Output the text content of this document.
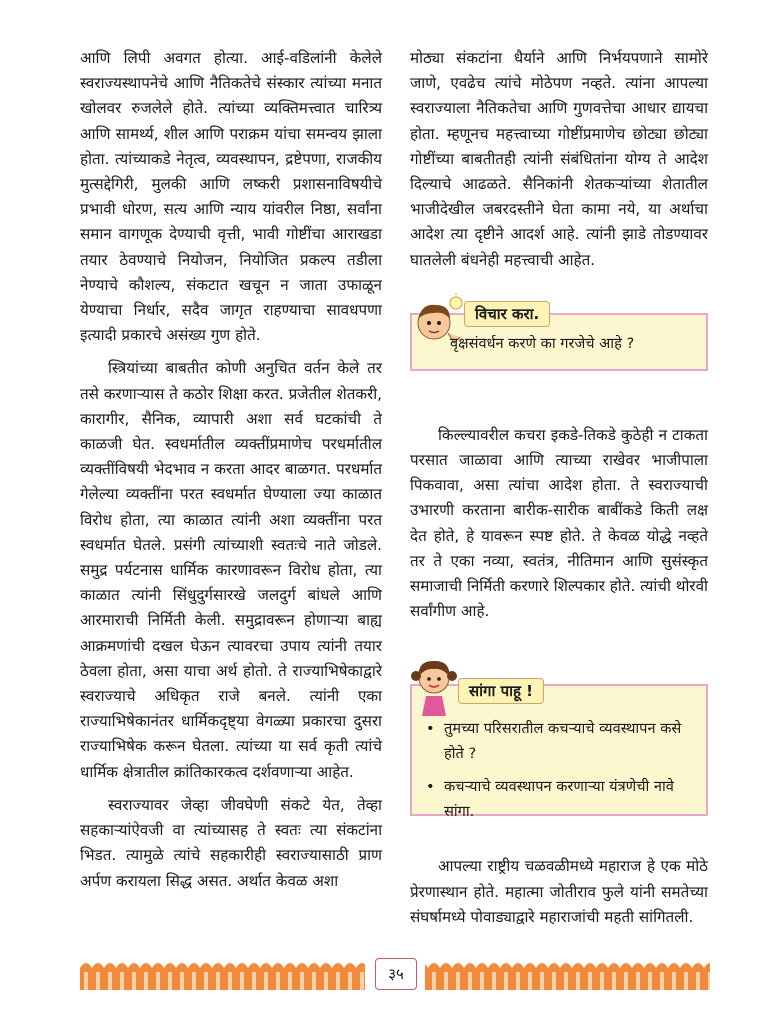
आणि लिपी अवगत होत्या. आई-वडिलांनी केलेले स्वराज्यस्थापनेचे आणि नैतिकतेचे संस्कार त्यांच्या मनात खोलवर रुजलेले होते. त्यांच्या व्यक्तिमत्त्वात चारित्र्य आणि सामर्थ्य, शील आणि पराक्रम यांचा समन्वय झाला होता. त्यांच्याकडे नेतृत्व, व्यवस्थापन, द्रष्टेपणा, राजकीय मुत्सद्देगिरी, मुलकी आणि लष्करी प्रशासनाविषयीचे प्रभावी धोरण, सत्य आणि न्याय यांवरील निष्ठा, सर्वांना समान वागणूक देण्याची वृत्ती, भावी गोष्टींचा आराखडा तयार ठेवण्याचे नियोजन, नियोजित प्रकल्प तडीला नेण्याचे कौशल्य, संकटात खचून न जाता उफाळून येण्याचा निर्धार, सदैव जागृत राहण्याचा सावधपणा इत्यादी प्रकारचे असंख्य गुण होते.

स्त्रियांच्या बाबतीत कोणी अनुचित वर्तन केले तर तसे करणाऱ्यास ते कठोर शिक्षा करत. प्रजेतील शेतकरी, कारागीर, सैनिक, व्यापारी अशा सर्व घटकांची ते काळजी घेत. स्वधर्मातील व्यक्तींप्रमाणेच परधर्मातील व्यक्तींविषयी भेदभाव न करता आदर बाळगत. परधर्मात गेलेल्या व्यक्तींना परत स्वधर्मात घेण्याला ज्या काळात विरोध होता, त्या काळात त्यांनी अशा व्यक्तींना परत स्वधर्मात घेतले. प्रसंगी त्यांच्याशी स्वतःचे नाते जोडले. समुद्र पर्यटनास धार्मिक कारणावरून विरोध होता, त्या काळात त्यांनी सिंधुदुर्गसारखे जलदुर्ग बांधले आणि आरमाराची निर्मिती केली. समुद्रावरून होणाऱ्या बाह्य आक्रमणांची दखल घेऊन त्यावरचा उपाय त्यांनी तयार ठेवला होता, असा याचा अर्थ होतो. ते राज्याभिषेकाद्वारे स्वराज्याचे अधिकृत राजे बनले. त्यांनी एका राज्याभिषेकानंतर धार्मिकदृष्ट्या वेगळ्या प्रकारचा दुसरा राज्याभिषेक करून घेतला. त्यांच्या या सर्व कृती त्यांचे धार्मिक क्षेत्रातील क्रांतिकारकत्व दर्शवणाऱ्या आहेत.

स्वराज्यावर जेव्हा जीवघेणी संकटे येत, तेव्हा सहकाऱ्यांऐवजी वा त्यांच्यासह ते स्वतः त्या संकटांना भिडत. त्यामुळे त्यांचे सहकारीही स्वराज्यासाठी प्राण अर्पण करायला सिद्ध असत. अर्थात केवळ अशा

मोठ्या संकटांना धैर्याने आणि निर्भयपणाने सामोरे जाणे, एवढेच त्यांचे मोठेपण नव्हते. त्यांना आपल्या स्वराज्याला नैतिकतेचा आणि गुणवत्तेचा आधार द्यायचा होता. म्हणूनच महत्त्वाच्या गोष्टींप्रमाणेच छोट्या छोट्या गोष्टींच्या बाबतीतही त्यांनी संबंधितांना योग्य ते आदेश दिल्याचे आढळते. सैनिकांनी शेतकऱ्यांच्या शेतातील भाजीदेखील जबरदस्तीने घेता कामा नये, या अर्थाचा आदेश त्या दृष्टीने आदर्श आहे. त्यांनी झाडे तोडण्यावर घातलेली बंधनेही महत्त्वाची आहेत.

विचार करा.
वृक्षसंवर्धन करणे का गरजेचे आहे ?

किल्ल्यावरील कचरा इकडे-तिकडे कुठेही न टाकता परसात जाळावा आणि त्याच्या राखेवर भाजीपाला पिकवावा, असा त्यांचा आदेश होता. ते स्वराज्याची उभारणी करताना बारीक-सारीक बाबींकडे किती लक्ष देत होते, हे यावरून स्पष्ट होते. ते केवळ योद्धे नव्हते तर ते एका नव्या, स्वतंत्र, नीतिमान आणि सुसंस्कृत समाजाची निर्मिती करणारे शिल्पकार होते. त्यांची थोरवी सर्वांगीण आहे.

सांगा पाहू !
• तुमच्या परिसरातील कचऱ्याचे व्यवस्थापन कसे होते ?
• कचऱ्याचे व्यवस्थापन करणाऱ्या यंत्रणेची नावे सांगा.

आपल्या राष्ट्रीय चळवळीमध्ये महाराज हे एक मोठे प्रेरणास्थान होते. महात्मा जोतीराव फुले यांनी समतेच्या संघर्षामध्ये पोवाड्याद्वारे महाराजांची महती सांगितली.

३५
